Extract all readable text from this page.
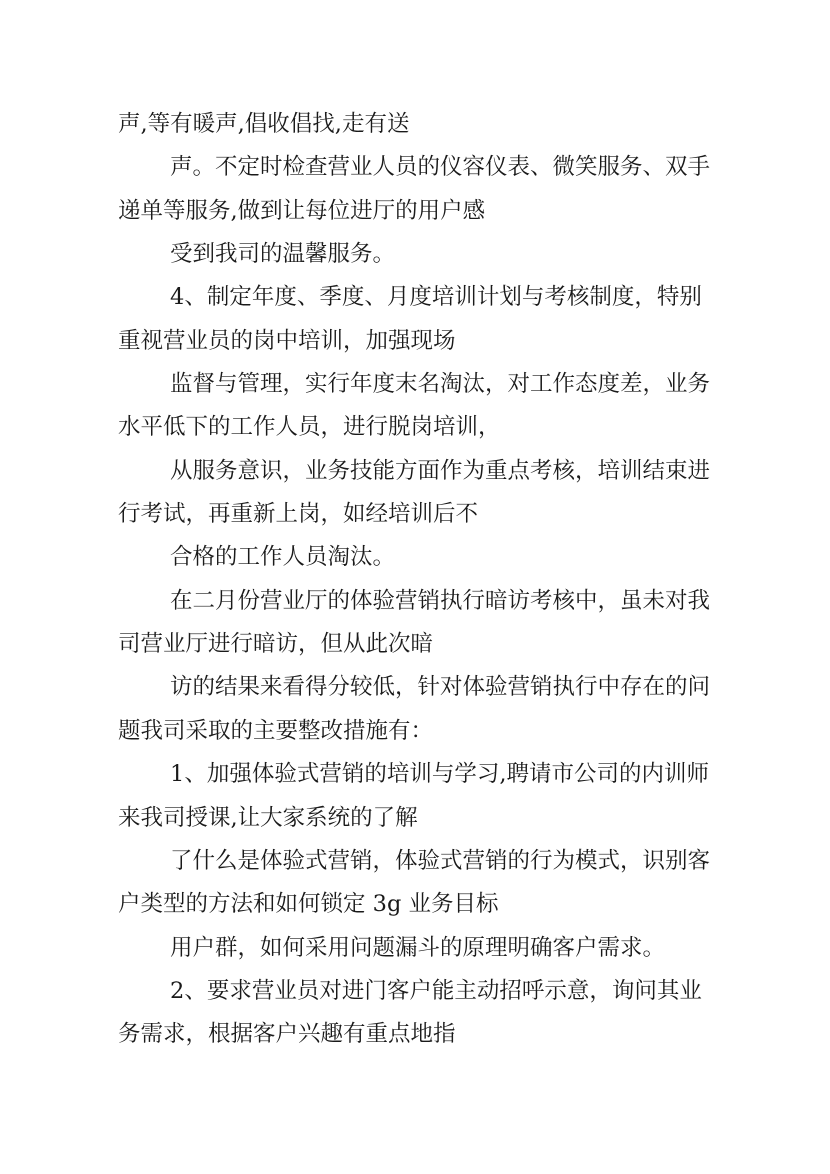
声,等有暖声,倡收倡找,走有送
声。不定时检查营业人员的仪容仪表、微笑服务、双手
递单等服务,做到让每位进厅的用户感
受到我司的温馨服务。
4、制定年度、季度、月度培训计划与考核制度，特别
重视营业员的岗中培训，加强现场
监督与管理，实行年度末名淘汰，对工作态度差，业务
水平低下的工作人员，进行脱岗培训，
从服务意识，业务技能方面作为重点考核，培训结束进
行考试，再重新上岗，如经培训后不
合格的工作人员淘汰。
在二月份营业厅的体验营销执行暗访考核中，虽未对我
司营业厅进行暗访，但从此次暗
访的结果来看得分较低，针对体验营销执行中存在的问
题我司采取的主要整改措施有：
1、加强体验式营销的培训与学习,聘请市公司的内训师
来我司授课,让大家系统的了解
了什么是体验式营销，体验式营销的行为模式，识别客
户类型的方法和如何锁定 3g 业务目标
用户群，如何采用问题漏斗的原理明确客户需求。
2、要求营业员对进门客户能主动招呼示意，询问其业
务需求，根据客户兴趣有重点地指
